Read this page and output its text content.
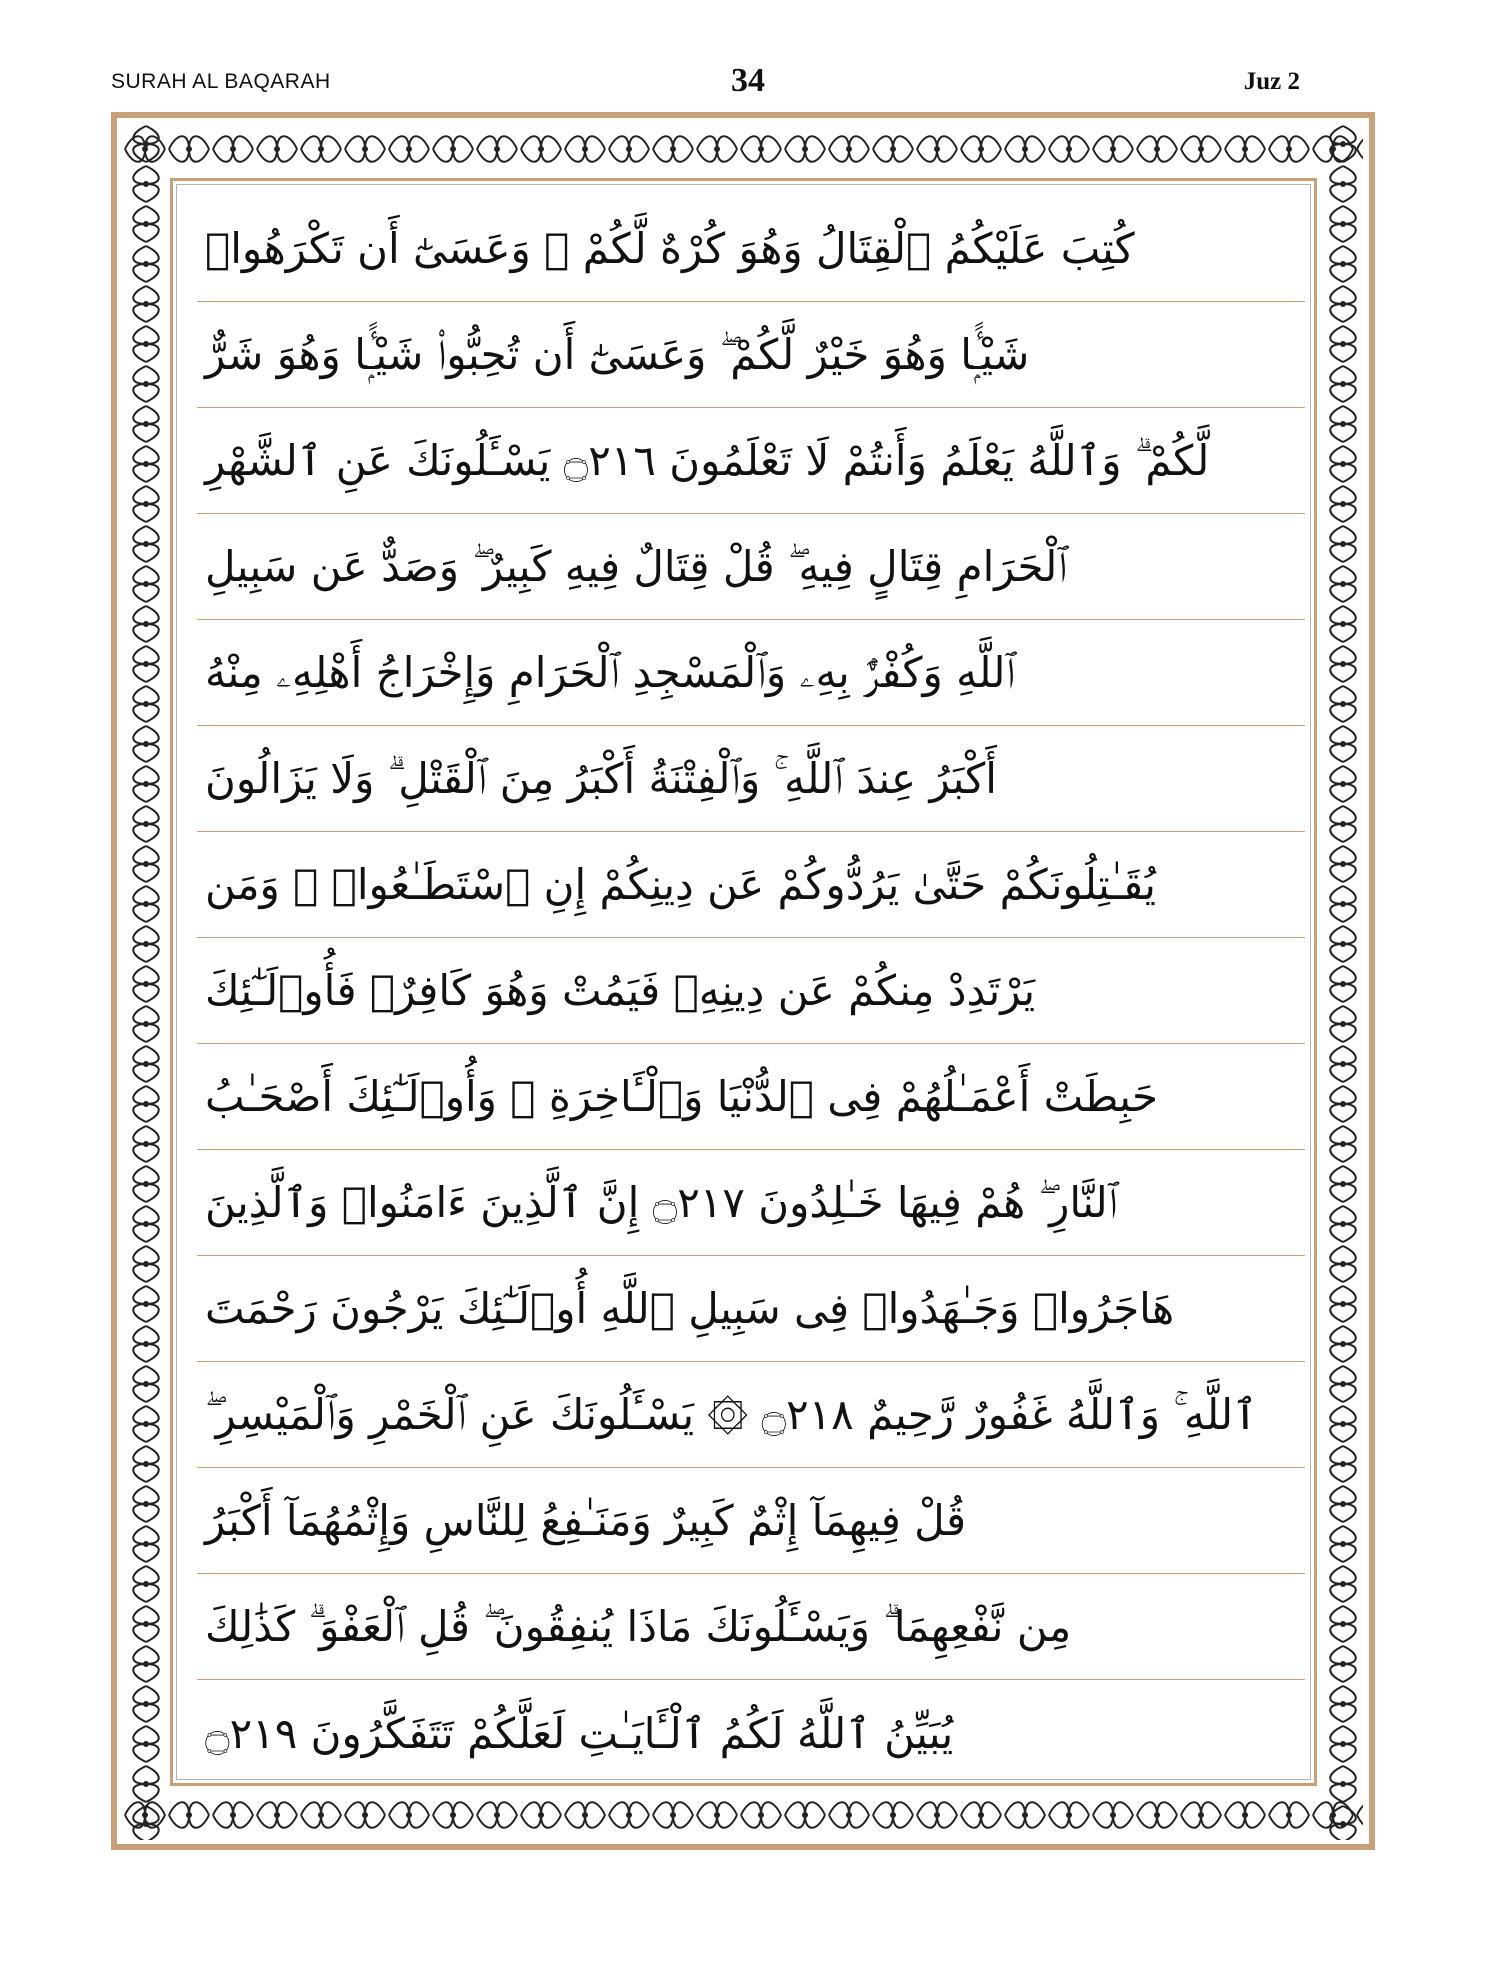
SURAH AL BAQARAH	34	Juz 2
كُتِبَ عَلَيْكُمُ ٱلْقِتَالُ وَهُوَ كُرْهٌ لَّكُمْ ۖ وَعَسَىٰٓ أَن تَكْرَهُوا۟
شَيْـًۭٔا وَهُوَ خَيْرٌ لَّكُمْ ۖ وَعَسَىٰٓ أَن تُحِبُّوا۟ شَيْـًۭٔا وَهُوَ شَرٌّ
لَّكُمْ ۗ وَٱللَّهُ يَعْلَمُ وَأَنتُمْ لَا تَعْلَمُونَ ۝٢١٦ يَسْـَٔلُونَكَ عَنِ ٱلشَّهْرِ
ٱلْحَرَامِ قِتَالٍ فِيهِ ۖ قُلْ قِتَالٌ فِيهِ كَبِيرٌ ۖ وَصَدٌّ عَن سَبِيلِ
ٱللَّهِ وَكُفْرٌۢ بِهِۦ وَٱلْمَسْجِدِ ٱلْحَرَامِ وَإِخْرَاجُ أَهْلِهِۦ مِنْهُ
أَكْبَرُ عِندَ ٱللَّهِ ۚ وَٱلْفِتْنَةُ أَكْبَرُ مِنَ ٱلْقَتْلِ ۗ وَلَا يَزَالُونَ
يُقَـٰتِلُونَكُمْ حَتَّىٰ يَرُدُّوكُمْ عَن دِينِكُمْ إِنِ ٱسْتَطَـٰعُوا۟ ۚ وَمَن
يَرْتَدِدْ مِنكُمْ عَن دِينِهِۦ فَيَمُتْ وَهُوَ كَافِرٌۭ فَأُو۟لَـٰٓئِكَ
حَبِطَتْ أَعْمَـٰلُهُمْ فِى ٱلدُّنْيَا وَٱلْـَٔاخِرَةِ ۖ وَأُو۟لَـٰٓئِكَ أَصْحَـٰبُ
ٱلنَّارِ ۖ هُمْ فِيهَا خَـٰلِدُونَ ۝٢١٧ إِنَّ ٱلَّذِينَ ءَامَنُوا۟ وَٱلَّذِينَ
هَاجَرُوا۟ وَجَـٰهَدُوا۟ فِى سَبِيلِ ٱللَّهِ أُو۟لَـٰٓئِكَ يَرْجُونَ رَحْمَتَ
ٱللَّهِ ۚ وَٱللَّهُ غَفُورٌ رَّحِيمٌ ۝٢١٨ ۞ يَسْـَٔلُونَكَ عَنِ ٱلْخَمْرِ وَٱلْمَيْسِرِ ۖ
قُلْ فِيهِمَآ إِثْمٌ كَبِيرٌ وَمَنَـٰفِعُ لِلنَّاسِ وَإِثْمُهُمَآ أَكْبَرُ
مِن نَّفْعِهِمَا ۗ وَيَسْـَٔلُونَكَ مَاذَا يُنفِقُونَ ۖ قُلِ ٱلْعَفْوَ ۗ كَذَٰلِكَ
يُبَيِّنُ ٱللَّهُ لَكُمُ ٱلْـَٔايَـٰتِ لَعَلَّكُمْ تَتَفَكَّرُونَ ۝٢١٩
